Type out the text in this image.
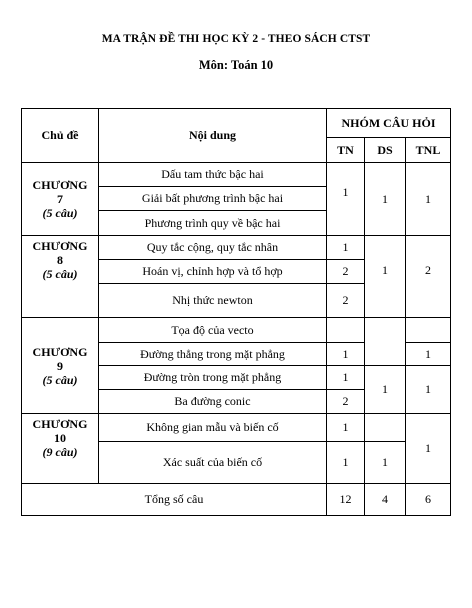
MA TRẬN ĐỀ THI HỌC KỲ 2 - THEO SÁCH CTST
Môn: Toán 10
Chủ đề	Nội dung	NHÓM CÂU HỎI		
		TN	DS	TNL

CHƯƠNG
7
(5 câu)	Dấu tam thức bậc hai	1	1	1
	Giải bất phương trình bậc hai			
	Phương trình quy về bậc hai			

CHƯƠNG
8
(5 câu)	Quy tắc cộng, quy tắc nhân	1	1	2
	Hoán vị, chỉnh hợp và tổ hợp	2		
	Nhị thức newton	2		

CHƯƠNG
9
(5 câu)	Tọa độ của vecto			
	Đường thẳng trong mặt phẳng	1		1
	Đường tròn trong mặt phẳng	1	1	1
	Ba đường conic	2		

CHƯƠNG
10
(9 câu)	Không gian mẫu và biến cố	1		1
	Xác suất của biến cố	1	1	
Tổng số câu		12	4	6
